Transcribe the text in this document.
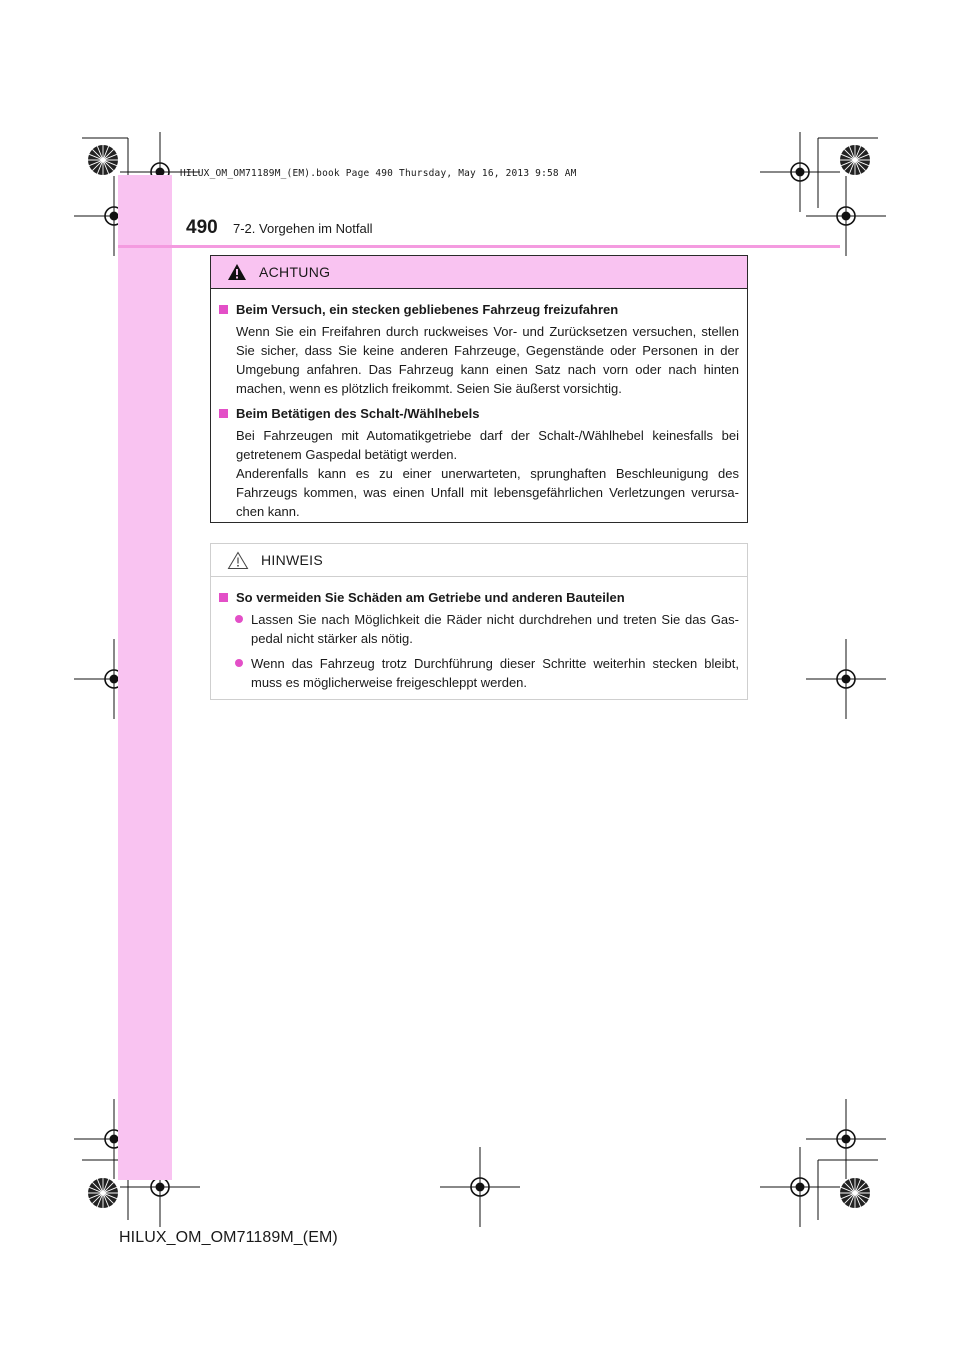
HILUX_OM_OM71189M_(EM).book Page 490 Thursday, May 16, 2013 9:58 AM
490 7-2. Vorgehen im Notfall
ACHTUNG
Beim Versuch, ein stecken gebliebenes Fahrzeug freizufahren
Wenn Sie ein Freifahren durch ruckweises Vor- und Zurücksetzen versuchen, stellen Sie sicher, dass Sie keine anderen Fahrzeuge, Gegenstände oder Personen in der Umgebung anfahren. Das Fahrzeug kann einen Satz nach vorn oder nach hinten machen, wenn es plötzlich freikommt. Seien Sie äußerst vorsichtig.
Beim Betätigen des Schalt-/Wählhebels
Bei Fahrzeugen mit Automatikgetriebe darf der Schalt-/Wählhebel keinesfalls bei getretenem Gaspedal betätigt werden.
Anderenfalls kann es zu einer unerwarteten, sprunghaften Beschleunigung des Fahrzeugs kommen, was einen Unfall mit lebensgefährlichen Verletzungen verursa-chen kann.
HINWEIS
So vermeiden Sie Schäden am Getriebe und anderen Bauteilen
Lassen Sie nach Möglichkeit die Räder nicht durchdrehen und treten Sie das Gas-pedal nicht stärker als nötig.
Wenn das Fahrzeug trotz Durchführung dieser Schritte weiterhin stecken bleibt, muss es möglicherweise freigeschleppt werden.
HILUX_OM_OM71189M_(EM)
